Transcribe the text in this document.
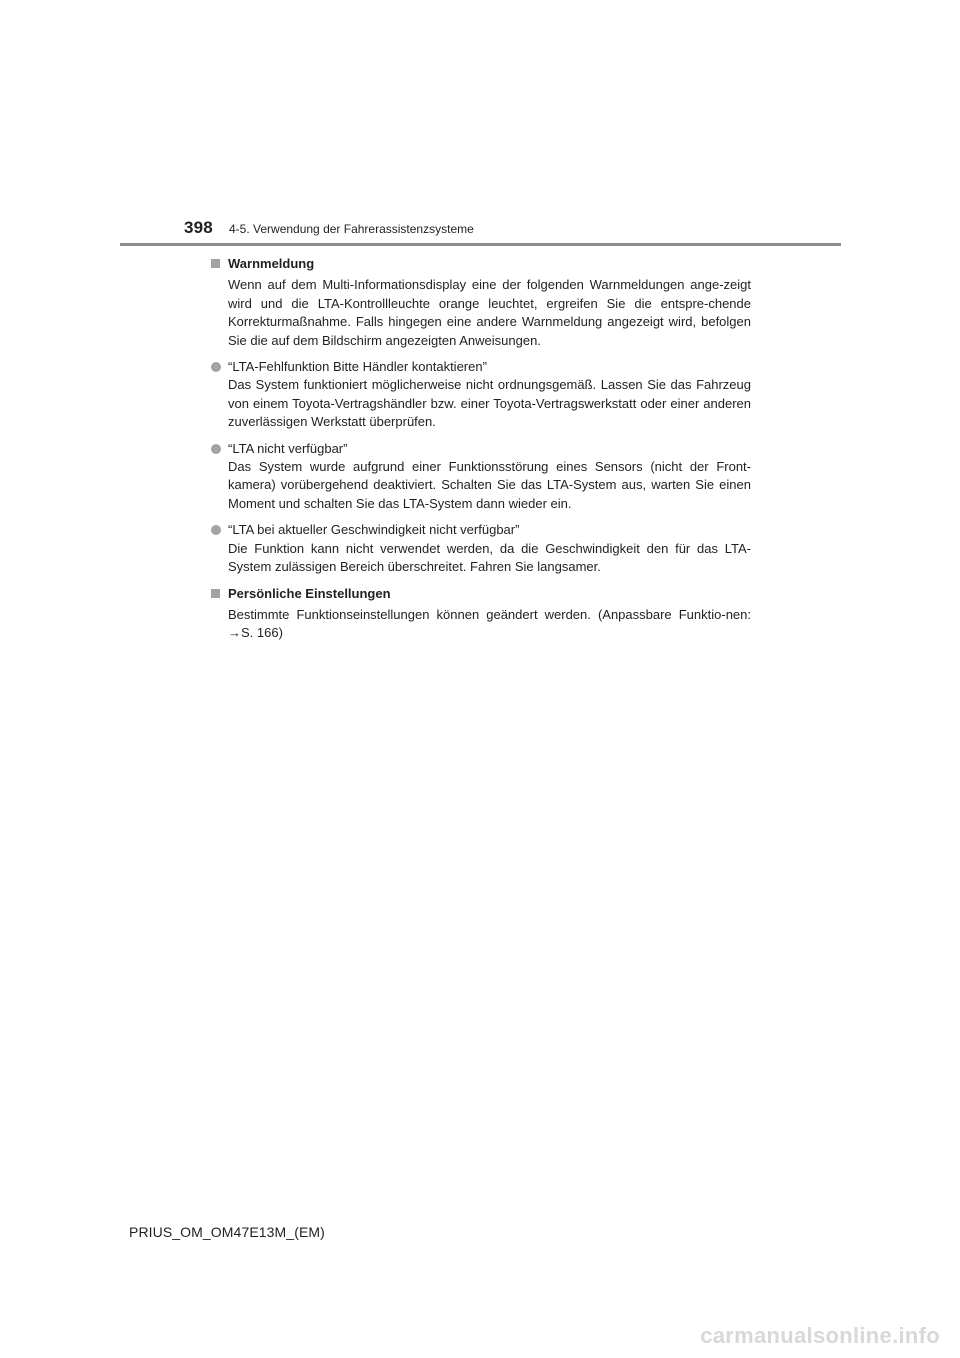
398 4-5. Verwendung der Fahrerassistenzsysteme
Warnmeldung
Wenn auf dem Multi-Informationsdisplay eine der folgenden Warnmeldungen ange-zeigt wird und die LTA-Kontrollleuchte orange leuchtet, ergreifen Sie die entspre-chende Korrekturmaßnahme. Falls hingegen eine andere Warnmeldung angezeigt wird, befolgen Sie die auf dem Bildschirm angezeigten Anweisungen.
“LTA-Fehlfunktion Bitte Händler kontaktieren”
Das System funktioniert möglicherweise nicht ordnungsgemäß. Lassen Sie das Fahrzeug von einem Toyota-Vertragshändler bzw. einer Toyota-Vertragswerkstatt oder einer anderen zuverlässigen Werkstatt überprüfen.
“LTA nicht verfügbar”
Das System wurde aufgrund einer Funktionsstörung eines Sensors (nicht der Front-kamera) vorübergehend deaktiviert. Schalten Sie das LTA-System aus, warten Sie einen Moment und schalten Sie das LTA-System dann wieder ein.
“LTA bei aktueller Geschwindigkeit nicht verfügbar”
Die Funktion kann nicht verwendet werden, da die Geschwindigkeit den für das LTA-System zulässigen Bereich überschreitet. Fahren Sie langsamer.
Persönliche Einstellungen
Bestimmte Funktionseinstellungen können geändert werden. (Anpassbare Funktio-nen: →S. 166)
PRIUS_OM_OM47E13M_(EM)
carmanualsonline.info
